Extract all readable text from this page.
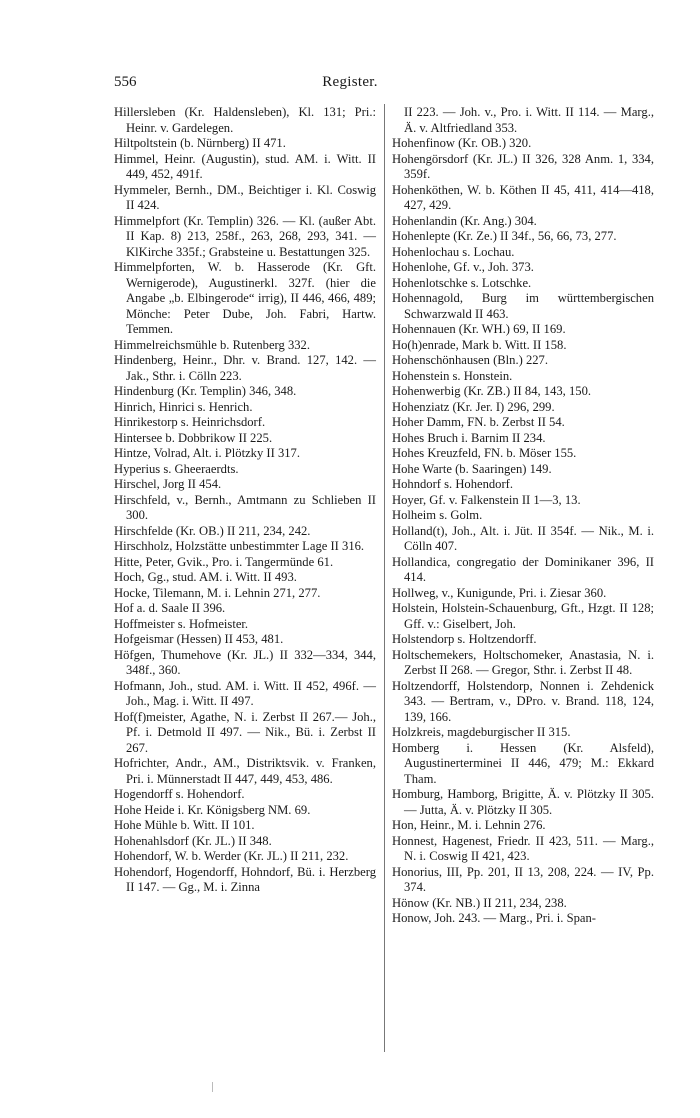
556	Register.
Hillersleben (Kr. Haldensleben), Kl. 131; Pri.: Heinr. v. Gardelegen.
Hiltpoltstein (b. Nürnberg) II 471.
Himmel, Heinr. (Augustin), stud. AM. i. Witt. II 449, 452, 491f.
Hymmeler, Bernh., DM., Beichtiger i. Kl. Coswig II 424.
Himmelpfort (Kr. Templin) 326. — Kl. (außer Abt. II Kap. 8) 213, 258f., 263, 268, 293, 341. — KlKirche 335f.; Grabsteine u. Bestattungen 325.
Himmelpforten, W. b. Hasserode (Kr. Gft. Wernigerode), Augustinerkl. 327f. (hier die Angabe „b. Elbingerode“ irrig), II 446, 466, 489; Mönche: Peter Dube, Joh. Fabri, Hartw. Temmen.
Himmelreichsmühle b. Rutenberg 332.
Hindenberg, Heinr., Dhr. v. Brand. 127, 142. — Jak., Sthr. i. Cölln 223.
Hindenburg (Kr. Templin) 346, 348.
Hinrich, Hinrici s. Henrich.
Hinrikestorp s. Heinrichsdorf.
Hintersee b. Dobbrikow II 225.
Hintze, Volrad, Alt. i. Plötzky II 317.
Hyperius s. Gheeraerdts.
Hirschel, Jorg II 454.
Hirschfeld, v., Bernh., Amtmann zu Schlieben II 300.
Hirschfelde (Kr. OB.) II 211, 234, 242.
Hirschholz, Holzstätte unbestimmter Lage II 316.
Hitte, Peter, Gvik., Pro. i. Tangermünde 61.
Hoch, Gg., stud. AM. i. Witt. II 493.
Hocke, Tilemann, M. i. Lehnin 271, 277.
Hof a. d. Saale II 396.
Hoffmeister s. Hofmeister.
Hofgeismar (Hessen) II 453, 481.
Höfgen, Thumehove (Kr. JL.) II 332—334, 344, 348f., 360.
Hofmann, Joh., stud. AM. i. Witt. II 452, 496f. — Joh., Mag. i. Witt. II 497.
Hof(f)meister, Agathe, N. i. Zerbst II 267.— Joh., Pf. i. Detmold II 497. — Nik., Bü. i. Zerbst II 267.
Hofrichter, Andr., AM., Distriktsvik. v. Franken, Pri. i. Münnerstadt II 447, 449, 453, 486.
Hogendorff s. Hohendorf.
Hohe Heide i. Kr. Königsberg NM. 69.
Hohe Mühle b. Witt. II 101.
Hohenahlsdorf (Kr. JL.) II 348.
Hohendorf, W. b. Werder (Kr. JL.) II 211, 232.
Hohendorf, Hogendorff, Hohndorf, Bü. i. Herzberg II 147. — Gg., M. i. Zinna
II 223. — Joh. v., Pro. i. Witt. II 114. — Marg., Ä. v. Altfriedland 353.
Hohenfinow (Kr. OB.) 320.
Hohengörsdorf (Kr. JL.) II 326, 328 Anm. 1, 334, 359f.
Hohenköthen, W. b. Köthen II 45, 411, 414—418, 427, 429.
Hohenlandin (Kr. Ang.) 304.
Hohenlepte (Kr. Ze.) II 34f., 56, 66, 73, 277.
Hohenlochau s. Lochau.
Hohenlohe, Gf. v., Joh. 373.
Hohenlotschke s. Lotschke.
Hohennagold, Burg im württembergischen Schwarzwald II 463.
Hohennauen (Kr. WH.) 69, II 169.
Ho(h)enrade, Mark b. Witt. II 158.
Hohenschönhausen (Bln.) 227.
Hohenstein s. Honstein.
Hohenwerbig (Kr. ZB.) II 84, 143, 150.
Hohenziatz (Kr. Jer. I) 296, 299.
Hoher Damm, FN. b. Zerbst II 54.
Hohes Bruch i. Barnim II 234.
Hohes Kreuzfeld, FN. b. Möser 155.
Hohe Warte (b. Saaringen) 149.
Hohndorf s. Hohendorf.
Hoyer, Gf. v. Falkenstein II 1—3, 13.
Holheim s. Golm.
Holland(t), Joh., Alt. i. Jüt. II 354f. — Nik., M. i. Cölln 407.
Hollandica, congregatio der Dominikaner 396, II 414.
Hollweg, v., Kunigunde, Pri. i. Ziesar 360.
Holstein, Holstein-Schauenburg, Gft., Hzgt. II 128; Gff. v.: Giselbert, Joh.
Holstendorp s. Holtzendorff.
Holtschemekers, Holtschomeker, Anastasia, N. i. Zerbst II 268. — Gregor, Sthr. i. Zerbst II 48.
Holtzendorff, Holstendorp, Nonnen i. Zehdenick 343. — Bertram, v., DPro. v. Brand. 118, 124, 139, 166.
Holzkreis, magdeburgischer II 315.
Homberg i. Hessen (Kr. Alsfeld), Augustinerterminei II 446, 479; M.: Ekkard Tham.
Homburg, Hamborg, Brigitte, Ä. v. Plötzky II 305. — Jutta, Ä. v. Plötzky II 305.
Hon, Heinr., M. i. Lehnin 276.
Honnest, Hagenest, Friedr. II 423, 511. — Marg., N. i. Coswig II 421, 423.
Honorius, III, Pp. 201, II 13, 208, 224. — IV, Pp. 374.
Hönow (Kr. NB.) II 211, 234, 238.
Honow, Joh. 243. — Marg., Pri. i. Span-
